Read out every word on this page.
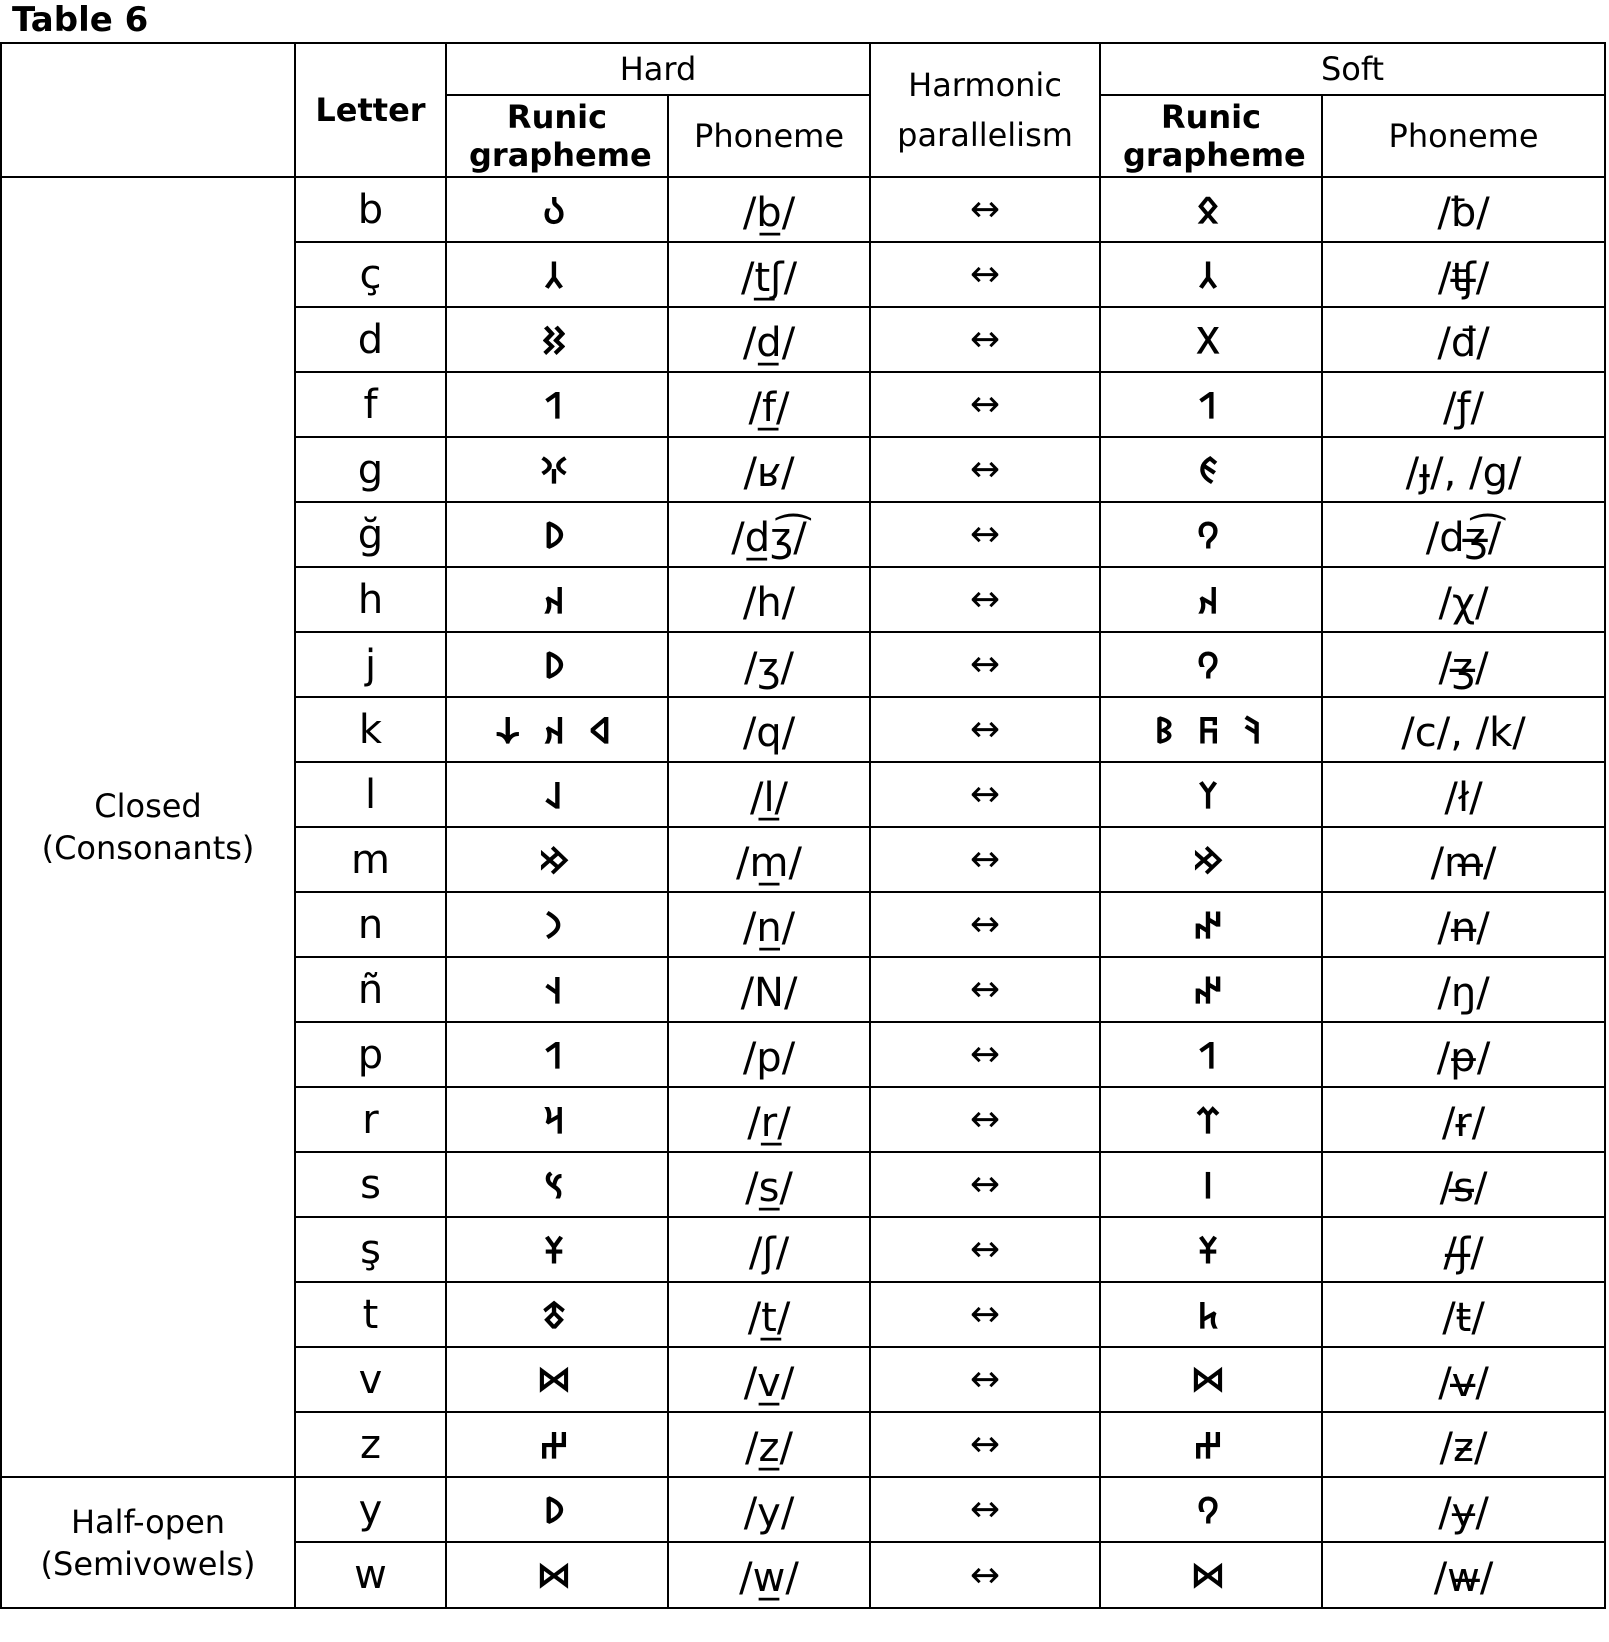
Table 6
	Letter	Hard		Harmonic parallelism	Soft	
		Runic grapheme	Phoneme		Runic grapheme	Phoneme
Closed (Consonants)	b	𐰉	/b̲/	↔	𐰋	/ƀ/
	ç	𐰲	/t̲ʃ̲/	↔	𐰲	/ʧ̶/
	d	𐰑	/d̲/	↔	𐰓	/đ/
	f	𐰯	/f̲/	↔	𐰯	/ƒ/
	g	𐰍	/ʁ/	↔	𐰏	/ɟ/, /g/
	ğ	𐰖	/d̲ʒ̲͡/	↔	𐰘	/dʒ̶͡/
	h	𐰴	/h/	↔	𐰴	/χ/
	j	𐰖	/ʒ/	↔	𐰘	/ʒ̶/
	k	𐰶 𐰴 𐰸	/q/	↔	𐰚 𐰜 𐰝	/c/, /k/
	l	𐰞	/l̲/	↔	𐰠	/ł/
	m	𐰢	/m̲/	↔	𐰢	/m̶/
	n	𐰣	/n̲/	↔	𐰤	/n̶/
	ñ	𐰭	/N/	↔	𐰤	/ŋ/
	p	𐰯	/p̲/	↔	𐰯	/ᵽ/
	r	𐰺	/r̲/	↔	𐰼	/ɍ/
	s	𐰽	/s̲/	↔	𐰾	/s̶/
	ş	𐱁	/ʃ̲/	↔	𐱁	/ʃ̶/
	t	𐱃	/t̲/	↔	𐱅	/ŧ/
	v	⋈	/v̲/	↔	⋈	/v̶/
	z	𐰔	/z̲/	↔	𐰔	/ƶ/
Half-open (Semivowels)	y	𐰖	/y̲/	↔	𐰘	/ɏ/
	w	⋈	/w̲/	↔	⋈	/w̶/
